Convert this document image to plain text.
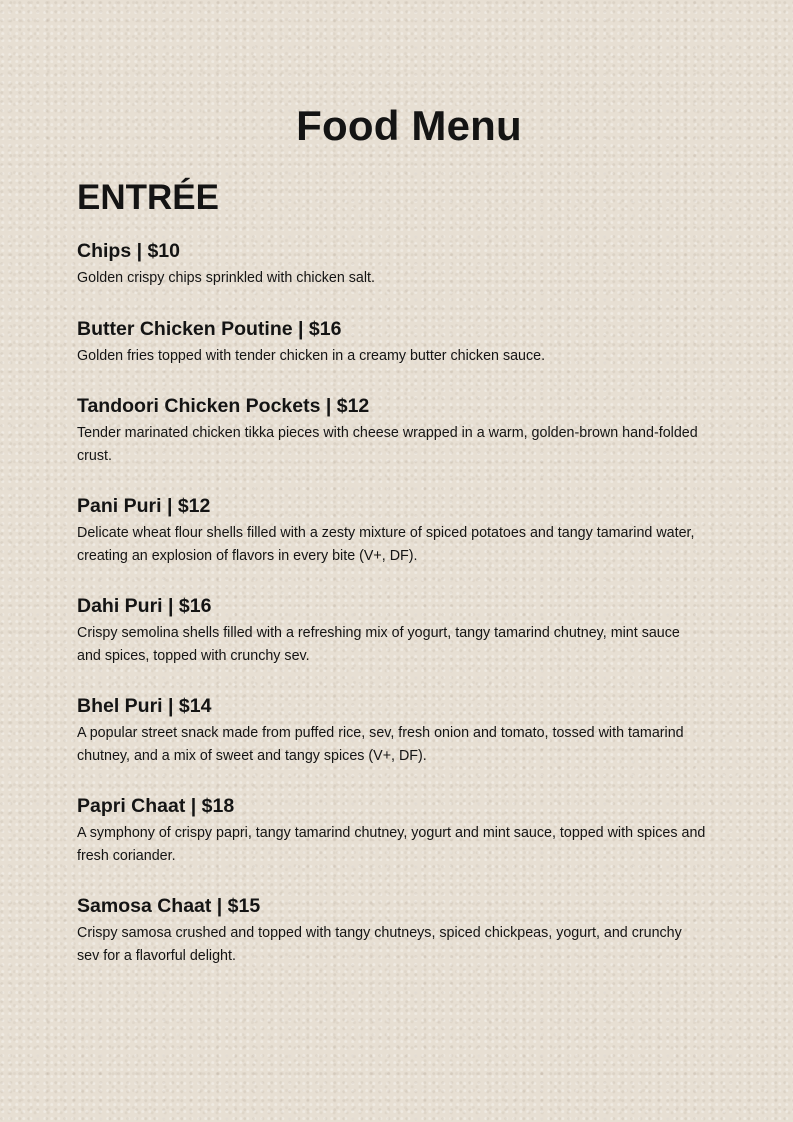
Food Menu
ENTRÉE
Chips | $10

Golden crispy chips sprinkled with chicken salt.

Butter Chicken Poutine | $16

Golden fries topped with tender chicken in a creamy butter chicken sauce.

Tandoori Chicken Pockets | $12

Tender marinated chicken tikka pieces with cheese wrapped in a warm, golden-brown hand-folded crust.

Pani Puri | $12

Delicate wheat flour shells filled with a zesty mixture of spiced potatoes and tangy tamarind water, creating an explosion of flavors in every bite (V+, DF).

Dahi Puri | $16

Crispy semolina shells filled with a refreshing mix of yogurt, tangy tamarind chutney, mint sauce and spices, topped with crunchy sev.

Bhel Puri | $14

A popular street snack made from puffed rice, sev, fresh onion and tomato, tossed with tamarind chutney, and a mix of sweet and tangy spices (V+, DF).

Papri Chaat | $18

A symphony of crispy papri, tangy tamarind chutney, yogurt and mint sauce, topped with spices and fresh coriander.

Samosa Chaat | $15

Crispy samosa crushed and topped with tangy chutneys, spiced chickpeas, yogurt, and crunchy sev for a flavorful delight.
